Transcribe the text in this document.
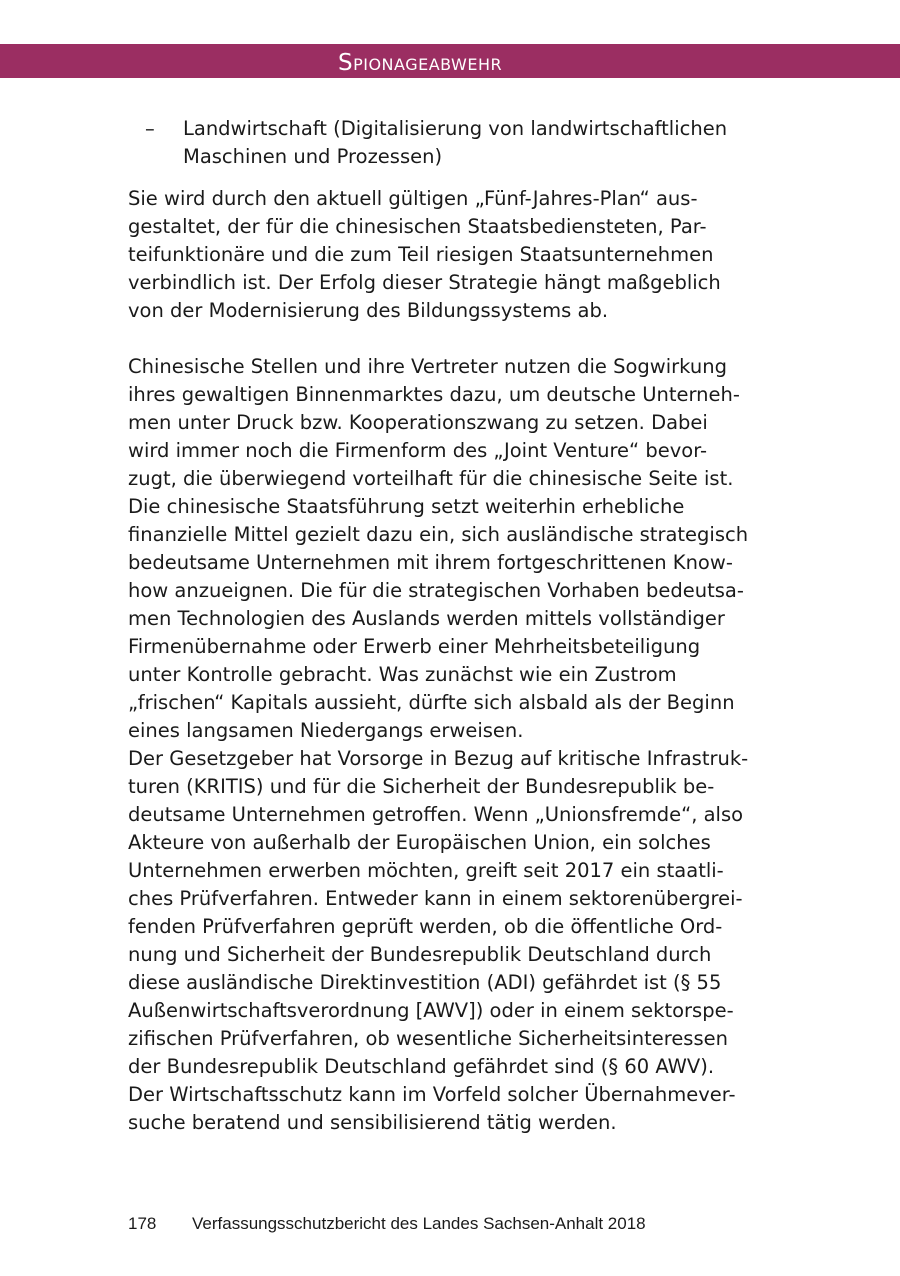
Spionageabwehr
– Landwirtschaft (Digitalisierung von landwirtschaftlichen
Maschinen und Prozessen)
Sie wird durch den aktuell gültigen „Fünf-Jahres-Plan“ aus-
gestaltet, der für die chinesischen Staatsbediensteten, Par-
teifunktionäre und die zum Teil riesigen Staatsunternehmen
verbindlich ist. Der Erfolg dieser Strategie hängt maßgeblich
von der Modernisierung des Bildungssystems ab.
Chinesische Stellen und ihre Vertreter nutzen die Sogwirkung
ihres gewaltigen Binnenmarktes dazu, um deutsche Unterneh-
men unter Druck bzw. Kooperationszwang zu setzen. Dabei
wird immer noch die Firmenform des „Joint Venture“ bevor-
zugt, die überwiegend vorteilhaft für die chinesische Seite ist.
Die chinesische Staatsführung setzt weiterhin erhebliche
finanzielle Mittel gezielt dazu ein, sich ausländische strategisch
bedeutsame Unternehmen mit ihrem fortgeschrittenen Know-
how anzueignen. Die für die strategischen Vorhaben bedeutsa-
men Technologien des Auslands werden mittels vollständiger
Firmenübernahme oder Erwerb einer Mehrheitsbeteiligung
unter Kontrolle gebracht. Was zunächst wie ein Zustrom
„frischen“ Kapitals aussieht, dürfte sich alsbald als der Beginn
eines langsamen Niedergangs erweisen.
Der Gesetzgeber hat Vorsorge in Bezug auf kritische Infrastruk-
turen (KRITIS) und für die Sicherheit der Bundesrepublik be-
deutsame Unternehmen getroffen. Wenn „Unionsfremde“, also
Akteure von außerhalb der Europäischen Union, ein solches
Unternehmen erwerben möchten, greift seit 2017 ein staatli-
ches Prüfverfahren. Entweder kann in einem sektorenübergrei-
fenden Prüfverfahren geprüft werden, ob die öffentliche Ord-
nung und Sicherheit der Bundesrepublik Deutschland durch
diese ausländische Direktinvestition (ADI) gefährdet ist (§ 55
Außenwirtschaftsverordnung [AWV]) oder in einem sektorspe-
zifischen Prüfverfahren, ob wesentliche Sicherheitsinteressen
der Bundesrepublik Deutschland gefährdet sind (§ 60 AWV).
Der Wirtschaftsschutz kann im Vorfeld solcher Übernahmever-
suche beratend und sensibilisierend tätig werden.
178 Verfassungsschutzbericht des Landes Sachsen-Anhalt 2018
